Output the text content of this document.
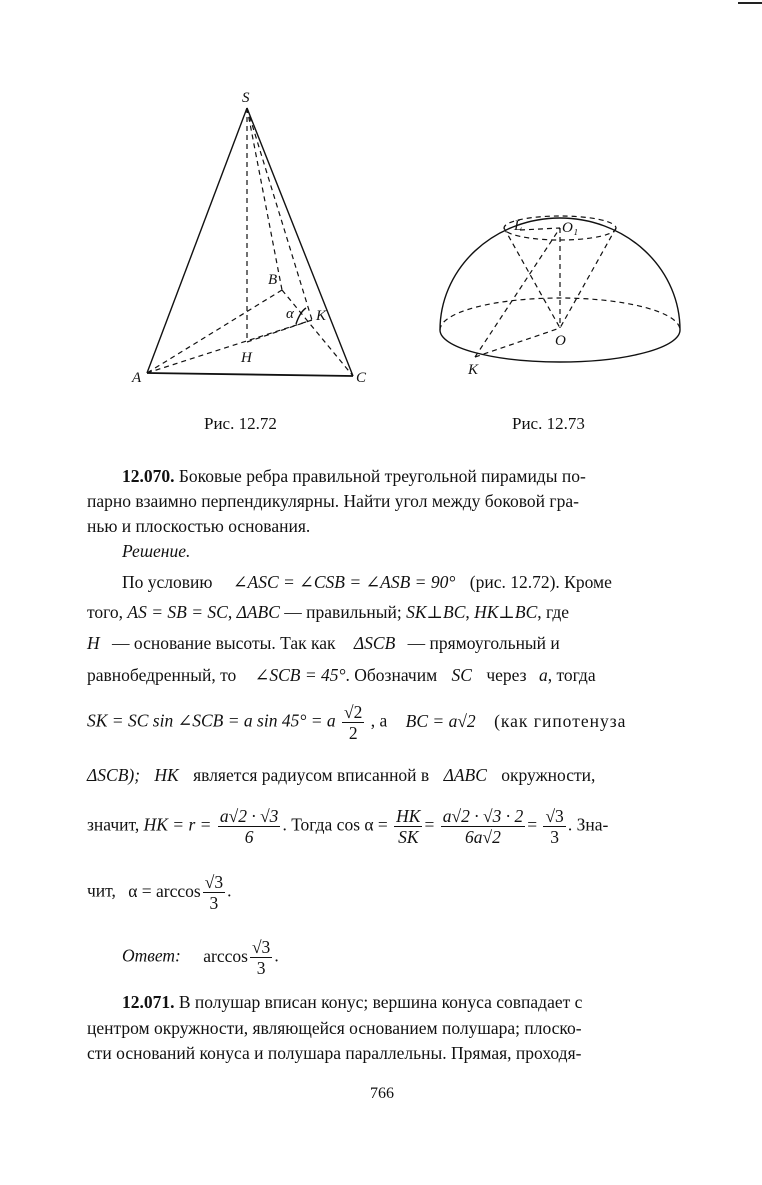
S
A
B
C
H
K
α
L	O₁
O
K
Рис. 12.72	Рис. 12.73
12.070. Боковые ребра правильной треугольной пирамиды по-
парно взаимно перпендикулярны. Найти угол между боковой гра-
нью и плоскостью основания.
Решение.
По условию ∠ASC = ∠CSB = ∠ASB = 90° (рис. 12.72). Кроме
того, AS = SB = SC, ΔABC — правильный; SK⊥BC, HK⊥BC, где
H — основание высоты. Так как ΔSCB — прямоугольный и
равнобедренный, то ∠SCB = 45°. Обозначим SC через a, тогда
SK = SC sin ∠SCB = a sin 45° = a $\frac{√2}{2}$ , а BC = a√2 (как гипотенуза
ΔSCB); HK является радиусом вписанной в ΔABC окружности,
значит, HK = $r = \frac{a√2 \cdot √3}{6}$ . Тогда $\cos \alpha = \frac{HK}{SK} = \frac{a√2 \cdot √3 \cdot 2}{6a√2} = \frac{√3}{3}$ . Зна-
чит, $\alpha = \arccos \frac{√3}{3}$ .
Ответ: $\arccos \frac{√3}{3}$ .
12.071. В полушар вписан конус; вершина конуса совпадает с
центром окружности, являющейся основанием полушара; плоско-
сти оснований конуса и полушара параллельны. Прямая, проходя-
766
